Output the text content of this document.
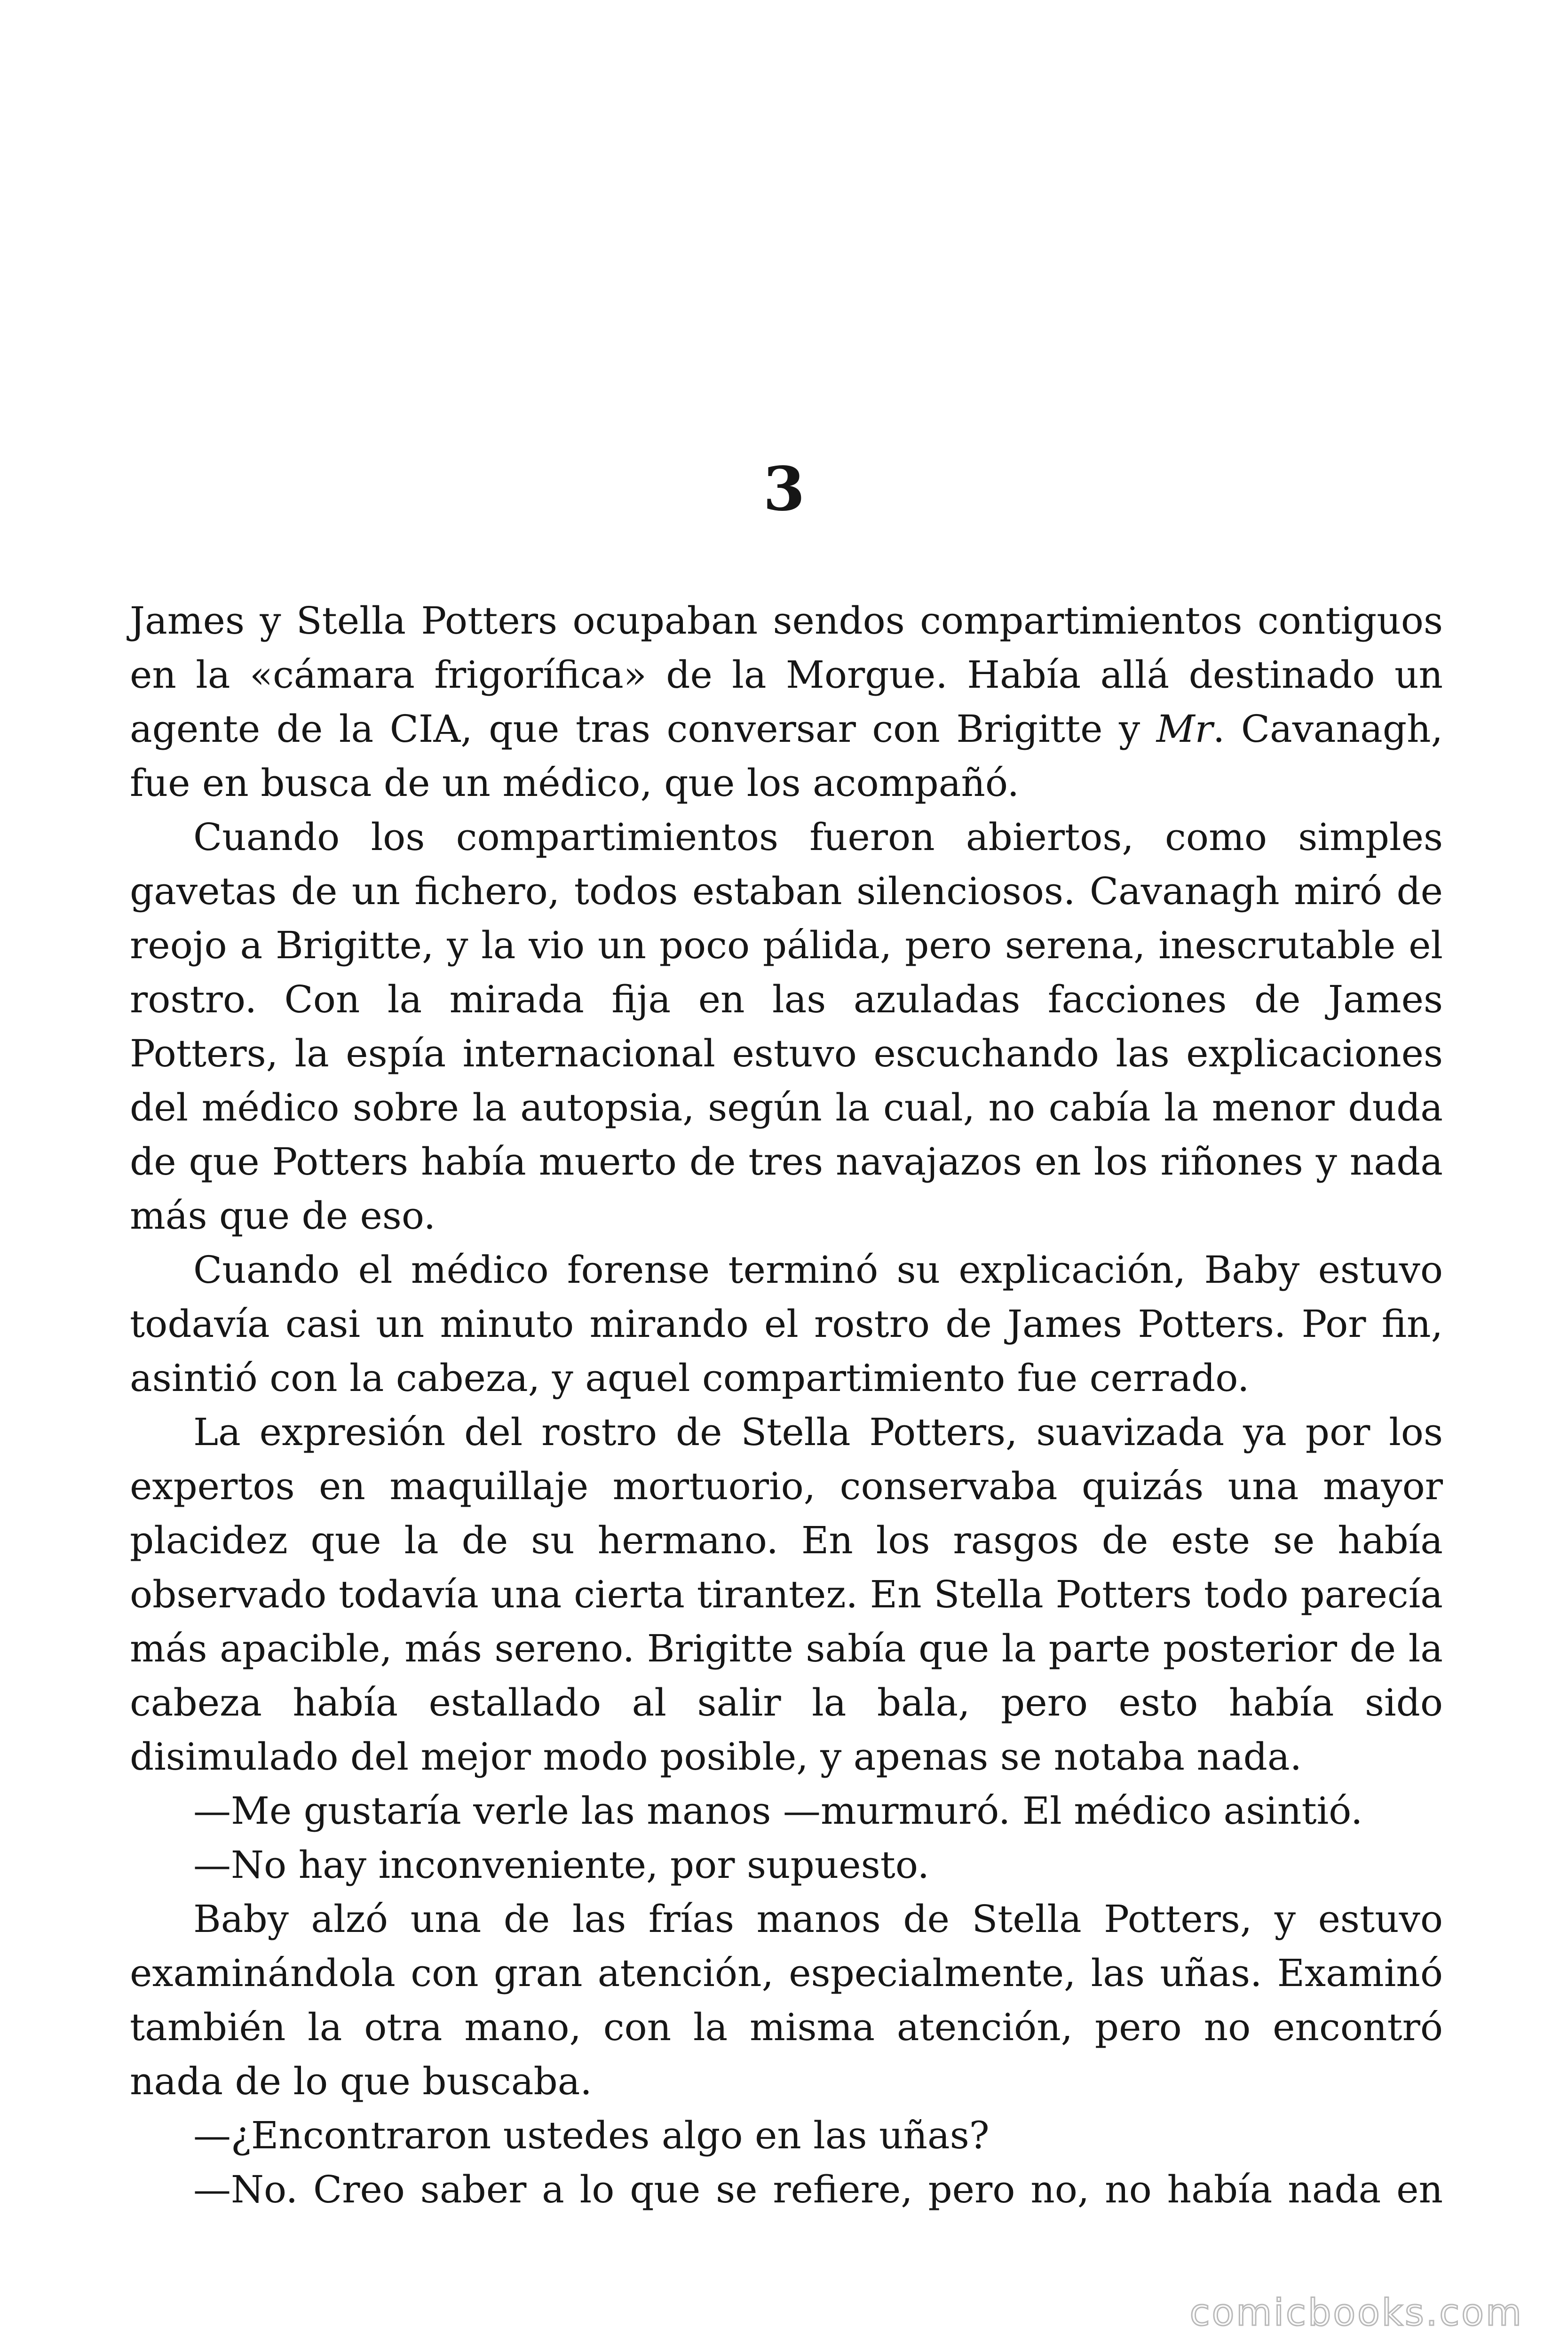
3

James y Stella Potters ocupaban sendos compartimientos contiguos en la «cámara frigorífica» de la Morgue. Había allá destinado un agente de la CIA, que tras conversar con Brigitte y Mr. Cavanagh, fue en busca de un médico, que los acompañó.

Cuando los compartimientos fueron abiertos, como simples gavetas de un fichero, todos estaban silenciosos. Cavanagh miró de reojo a Brigitte, y la vio un poco pálida, pero serena, inescrutable el rostro. Con la mirada fija en las azuladas facciones de James Potters, la espía internacional estuvo escuchando las explicaciones del médico sobre la autopsia, según la cual, no cabía la menor duda de que Potters había muerto de tres navajazos en los riñones y nada más que de eso.

Cuando el médico forense terminó su explicación, Baby estuvo todavía casi un minuto mirando el rostro de James Potters. Por fin, asintió con la cabeza, y aquel compartimiento fue cerrado.

La expresión del rostro de Stella Potters, suavizada ya por los expertos en maquillaje mortuorio, conservaba quizás una mayor placidez que la de su hermano. En los rasgos de este se había observado todavía una cierta tirantez. En Stella Potters todo parecía más apacible, más sereno. Brigitte sabía que la parte posterior de la cabeza había estallado al salir la bala, pero esto había sido disimulado del mejor modo posible, y apenas se notaba nada.

—Me gustaría verle las manos —murmuró. El médico asintió.

—No hay inconveniente, por supuesto.

Baby alzó una de las frías manos de Stella Potters, y estuvo examinándola con gran atención, especialmente, las uñas. Examinó también la otra mano, con la misma atención, pero no encontró nada de lo que buscaba.

—¿Encontraron ustedes algo en las uñas?

—No. Creo saber a lo que se refiere, pero no, no había nada en

comicbooks.com
